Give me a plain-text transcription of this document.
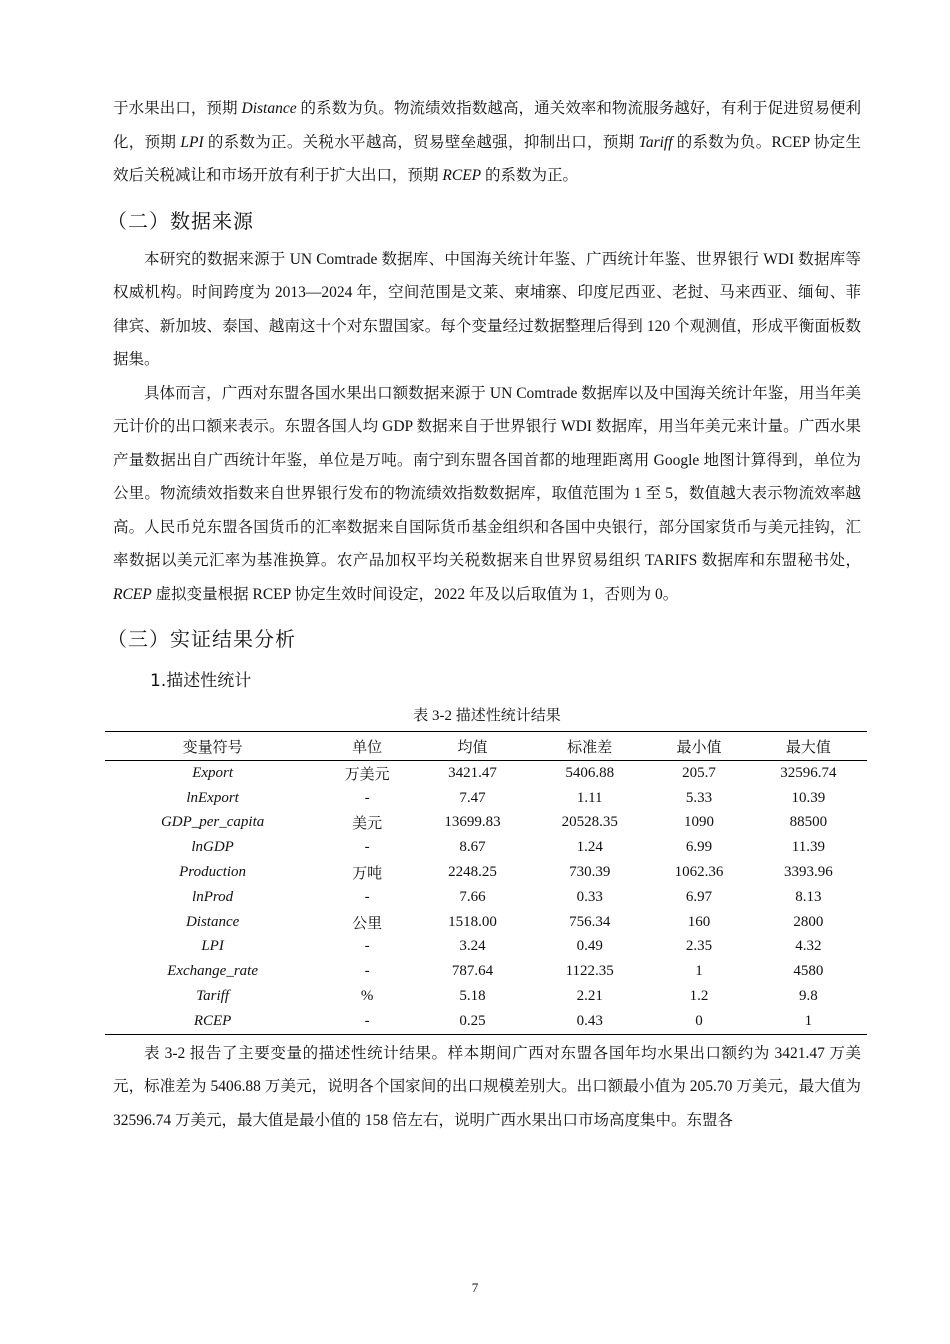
于水果出口，预期 Distance 的系数为负。物流绩效指数越高，通关效率和物流服务越好，有利于促进贸易便利化，预期 LPI 的系数为正。关税水平越高，贸易壁垒越强，抑制出口，预期 Tariff 的系数为负。RCEP 协定生效后关税减让和市场开放有利于扩大出口，预期 RCEP 的系数为正。

（二）数据来源

本研究的数据来源于 UN Comtrade 数据库、中国海关统计年鉴、广西统计年鉴、世界银行 WDI 数据库等权威机构。时间跨度为 2013—2024 年，空间范围是文莱、柬埔寨、印度尼西亚、老挝、马来西亚、缅甸、菲律宾、新加坡、泰国、越南这十个对东盟国家。每个变量经过数据整理后得到 120 个观测值，形成平衡面板数据集。

具体而言，广西对东盟各国水果出口额数据来源于 UN Comtrade 数据库以及中国海关统计年鉴，用当年美元计价的出口额来表示。东盟各国人均 GDP 数据来自于世界银行 WDI 数据库，用当年美元来计量。广西水果产量数据出自广西统计年鉴，单位是万吨。南宁到东盟各国首都的地理距离用 Google 地图计算得到，单位为公里。物流绩效指数来自世界银行发布的物流绩效指数数据库，取值范围为 1 至 5，数值越大表示物流效率越高。人民币兑东盟各国货币的汇率数据来自国际货币基金组织和各国中央银行，部分国家货币与美元挂钩，汇率数据以美元汇率为基准换算。农产品加权平均关税数据来自世界贸易组织 TARIFS 数据库和东盟秘书处，RCEP 虚拟变量根据 RCEP 协定生效时间设定，2022 年及以后取值为 1，否则为 0。

（三）实证结果分析
1.描述性统计

表 3-2 描述性统计结果

变量符号	单位	均值	标准差	最小值	最大值
Export	万美元	3421.47	5406.88	205.7	32596.74
lnExport	-	7.47	1.11	5.33	10.39
GDP_per_capita	美元	13699.83	20528.35	1090	88500
lnGDP	-	8.67	1.24	6.99	11.39
Production	万吨	2248.25	730.39	1062.36	3393.96
lnProd	-	7.66	0.33	6.97	8.13
Distance	公里	1518.00	756.34	160	2800
LPI	-	3.24	0.49	2.35	4.32
Exchange_rate	-	787.64	1122.35	1	4580
Tariff	%	5.18	2.21	1.2	9.8
RCEP	-	0.25	0.43	0	1

表 3-2 报告了主要变量的描述性统计结果。样本期间广西对东盟各国年均水果出口额约为 3421.47 万美元，标准差为 5406.88 万美元，说明各个国家间的出口规模差别大。出口额最小值为 205.70 万美元，最大值为 32596.74 万美元，最大值是最小值的 158 倍左右，说明广西水果出口市场高度集中。东盟各

7
